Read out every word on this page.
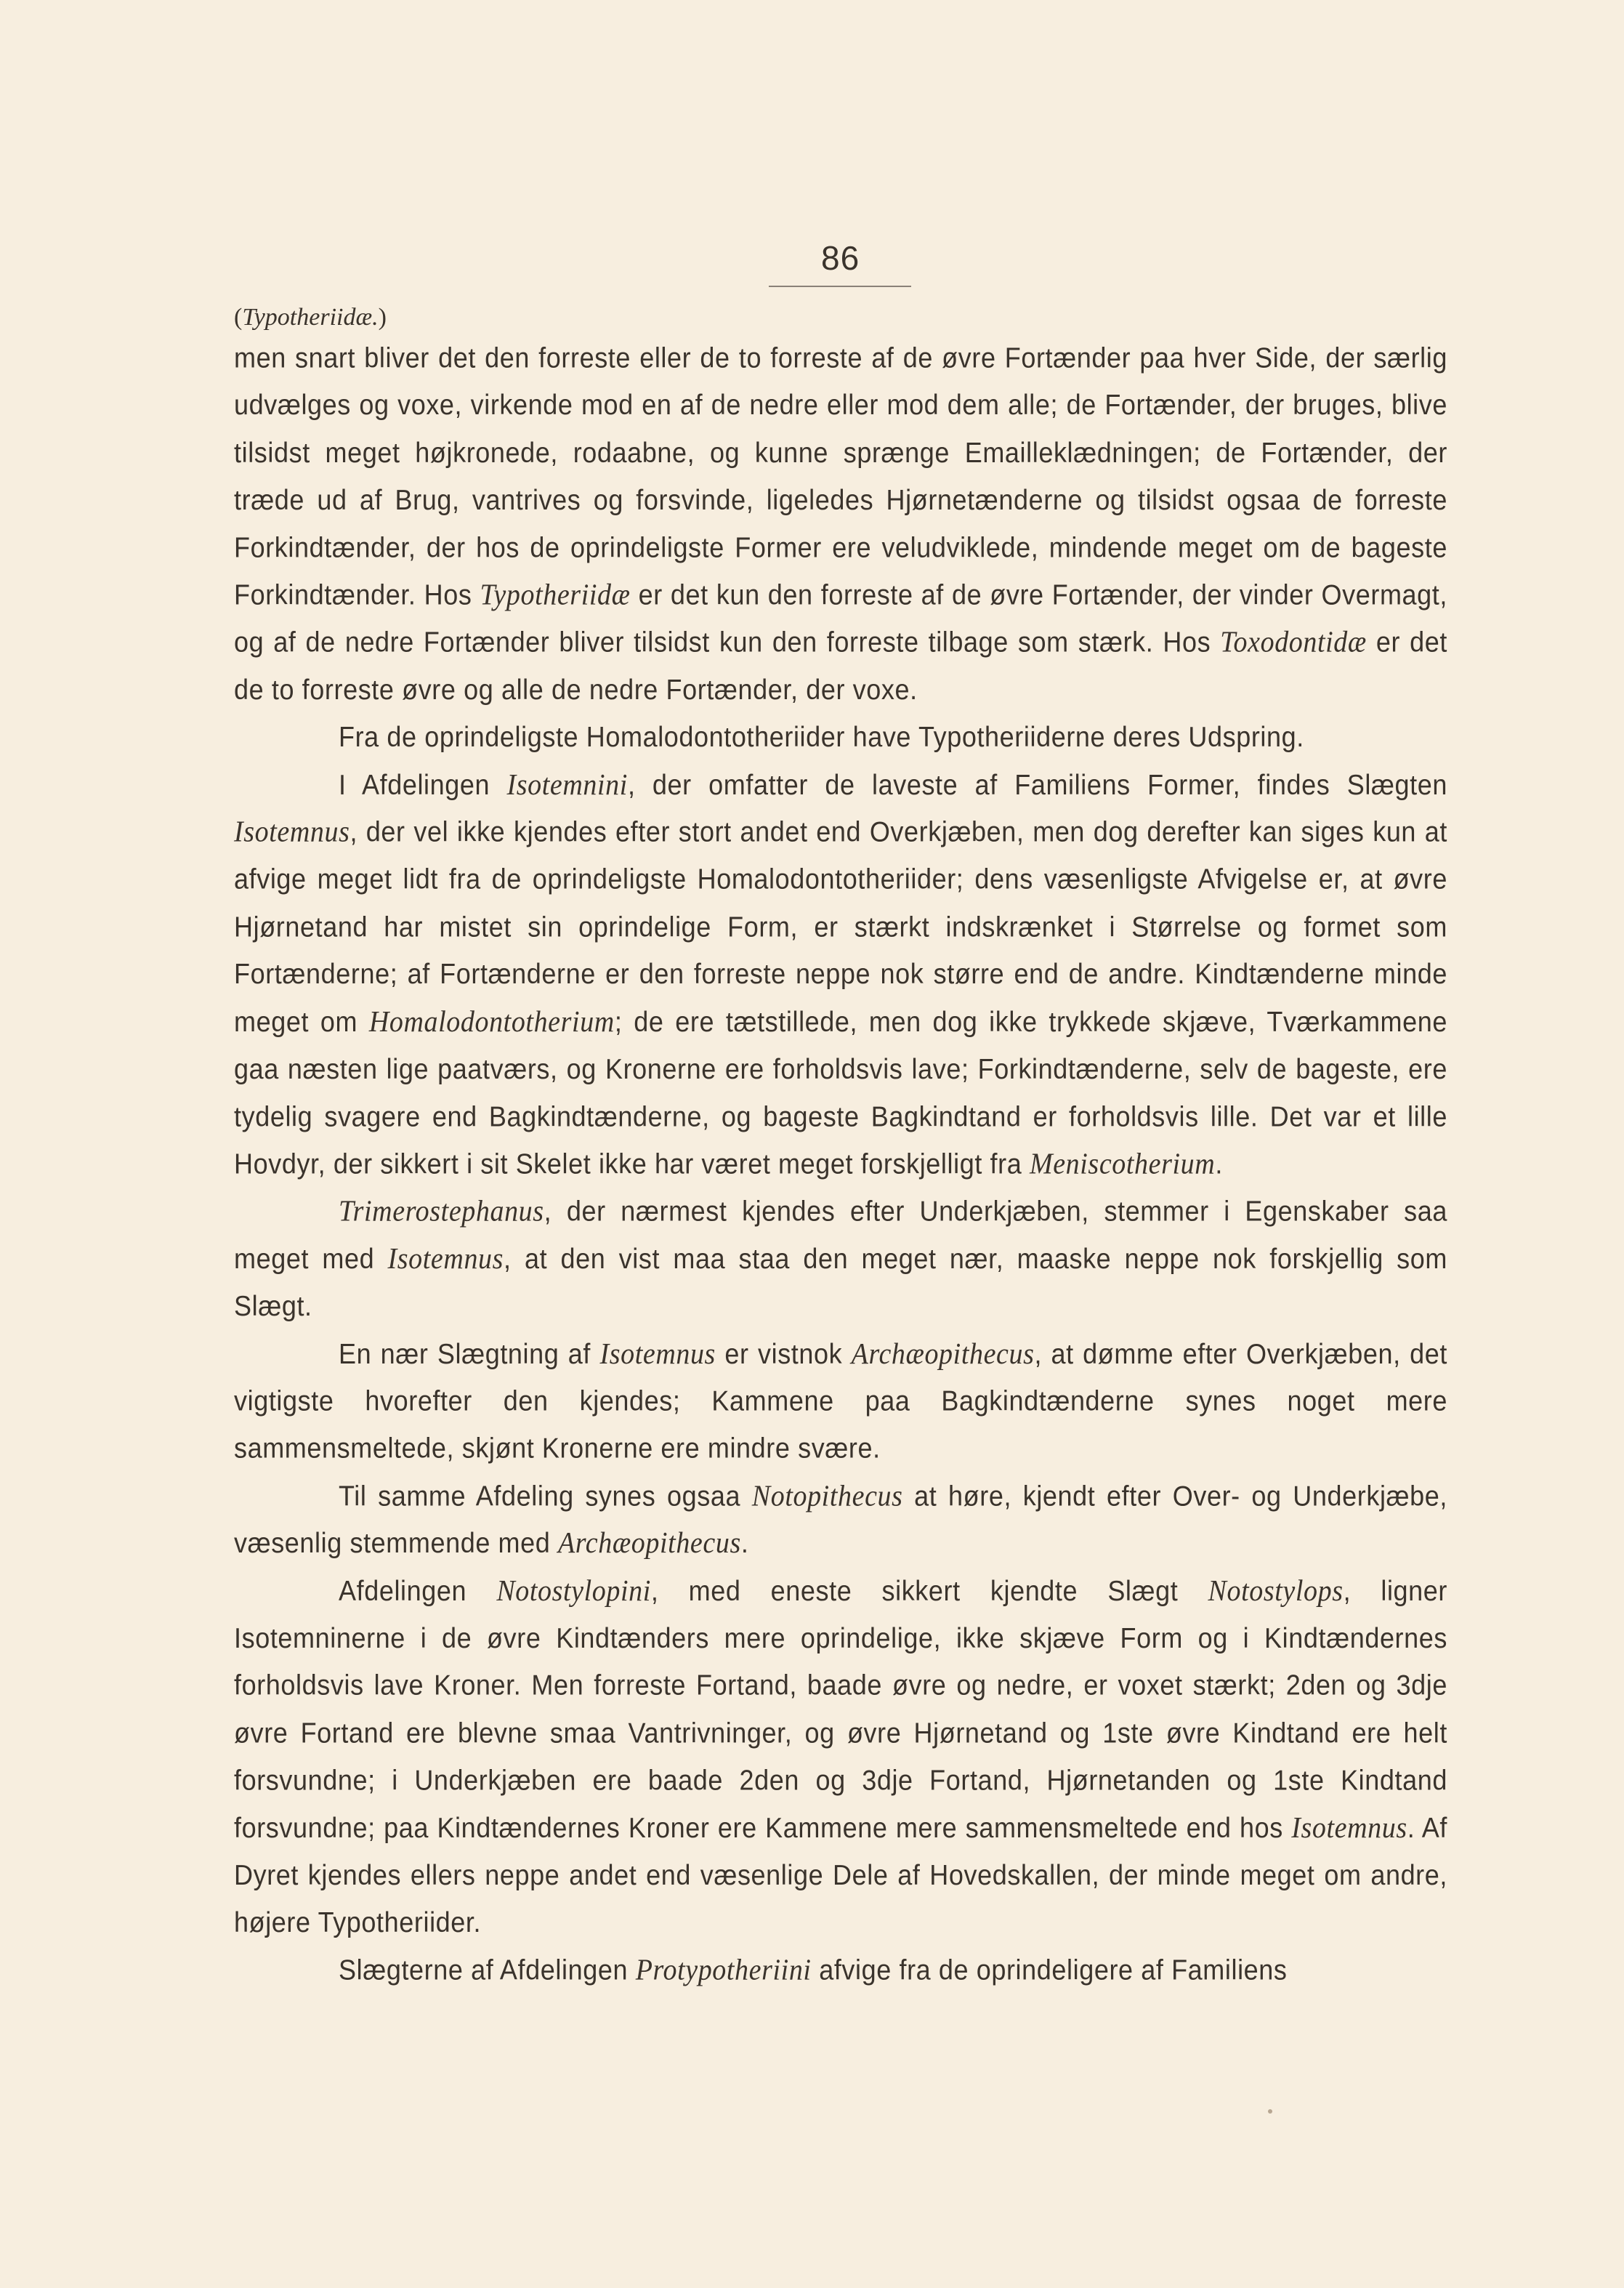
86
(Typotheriidæ.)

men snart bliver det den forreste eller de to forreste af de øvre Fortænder paa hver Side, der særlig udvælges og voxe, virkende mod en af de nedre eller mod dem alle; de Fortænder, der bruges, blive tilsidst meget højkronede, rodaabne, og kunne sprænge Emailleklædningen; de Fortænder, der træde ud af Brug, vantrives og forsvinde, ligeledes Hjørnetænderne og tilsidst ogsaa de forreste Forkindtænder, der hos de oprindeligste Former ere veludviklede, mindende meget om de bageste Forkindtænder. Hos Typotheriidæ er det kun den forreste af de øvre Fortænder, der vinder Overmagt, og af de nedre Fortænder bliver tilsidst kun den forreste tilbage som stærk. Hos Toxodontidæ er det de to forreste øvre og alle de nedre Fortænder, der voxe.

Fra de oprindeligste Homalodontotheriider have Typotheriiderne deres Udspring.

I Afdelingen Isotemnini, der omfatter de laveste af Familiens Former, findes Slægten Isotemnus, der vel ikke kjendes efter stort andet end Overkjæben, men dog derefter kan siges kun at afvige meget lidt fra de oprindeligste Homalodontotheriider; dens væsenligste Afvigelse er, at øvre Hjørnetand har mistet sin oprindelige Form, er stærkt indskrænket i Størrelse og formet som Fortænderne; af Fortænderne er den forreste neppe nok større end de andre. Kindtænderne minde meget om Homalodontotherium; de ere tætstillede, men dog ikke trykkede skjæve, Tværkammene gaa næsten lige paatværs, og Kronerne ere forholdsvis lave; Forkindtænderne, selv de bageste, ere tydelig svagere end Bagkindtænderne, og bageste Bagkindtand er forholdsvis lille. Det var et lille Hovdyr, der sikkert i sit Skelet ikke har været meget forskjelligt fra Meniscotherium.

Trimerostephanus, der nærmest kjendes efter Underkjæben, stemmer i Egenskaber saa meget med Isotemnus, at den vist maa staa den meget nær, maaske neppe nok forskjellig som Slægt.

En nær Slægtning af Isotemnus er vistnok Archæopithecus, at dømme efter Overkjæben, det vigtigste hvorefter den kjendes; Kammene paa Bagkindtænderne synes noget mere sammensmeltede, skjønt Kronerne ere mindre svære.

Til samme Afdeling synes ogsaa Notopithecus at høre, kjendt efter Over- og Underkjæbe, væsenlig stemmende med Archæopithecus.

Afdelingen Notostylopini, med eneste sikkert kjendte Slægt Notostylops, ligner Isotemninerne i de øvre Kindtænders mere oprindelige, ikke skjæve Form og i Kindtændernes forholdsvis lave Kroner. Men forreste Fortand, baade øvre og nedre, er voxet stærkt; 2den og 3dje øvre Fortand ere blevne smaa Vantrivninger, og øvre Hjørnetand og 1ste øvre Kindtand ere helt forsvundne; i Underkjæben ere baade 2den og 3dje Fortand, Hjørnetanden og 1ste Kindtand forsvundne; paa Kindtændernes Kroner ere Kammene mere sammensmeltede end hos Isotemnus. Af Dyret kjendes ellers neppe andet end væsenlige Dele af Hovedskallen, der minde meget om andre, højere Typotheriider.

Slægterne af Afdelingen Protypotheriini afvige fra de oprindeligere af Familiens
